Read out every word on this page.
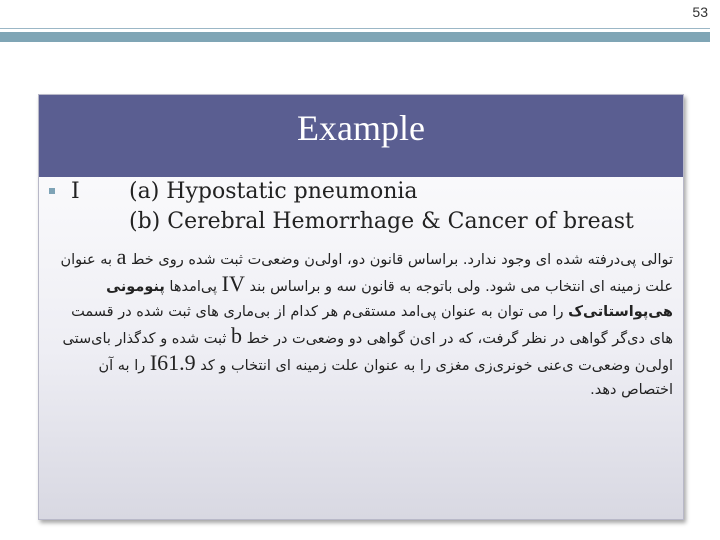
53
Example
I (a) Hypostatic pneumonia
(b) Cerebral Hemorrhage & Cancer of breast
توالی پی‌درفته شده ای وجود ندارد. براساس قانون دو، اولی‌ن وضعی‌ت ثبت شده روی خط a به عنوان علت زمینه ای انتخاب می شود. ولی باتوجه به قانون سه و براساس بند IV پی‌امدها پنومونی هی‌پواستاتی‌ک را می توان به عنوان پی‌امد مستقی‌م هر کدام از بی‌ماری های ثبت شده در قسمت های دی‌گر گواهی در نظر گرفت، که در ای‌ن گواهی دو وضعی‌ت در خط b ثبت شده و کدگذار بای‌ستی اولی‌ن وضعی‌ت ی‌عنی خونری‌زی مغزی را به عنوان علت زمینه ای انتخاب و کد I61.9 را به آن اختصاص دهد.
